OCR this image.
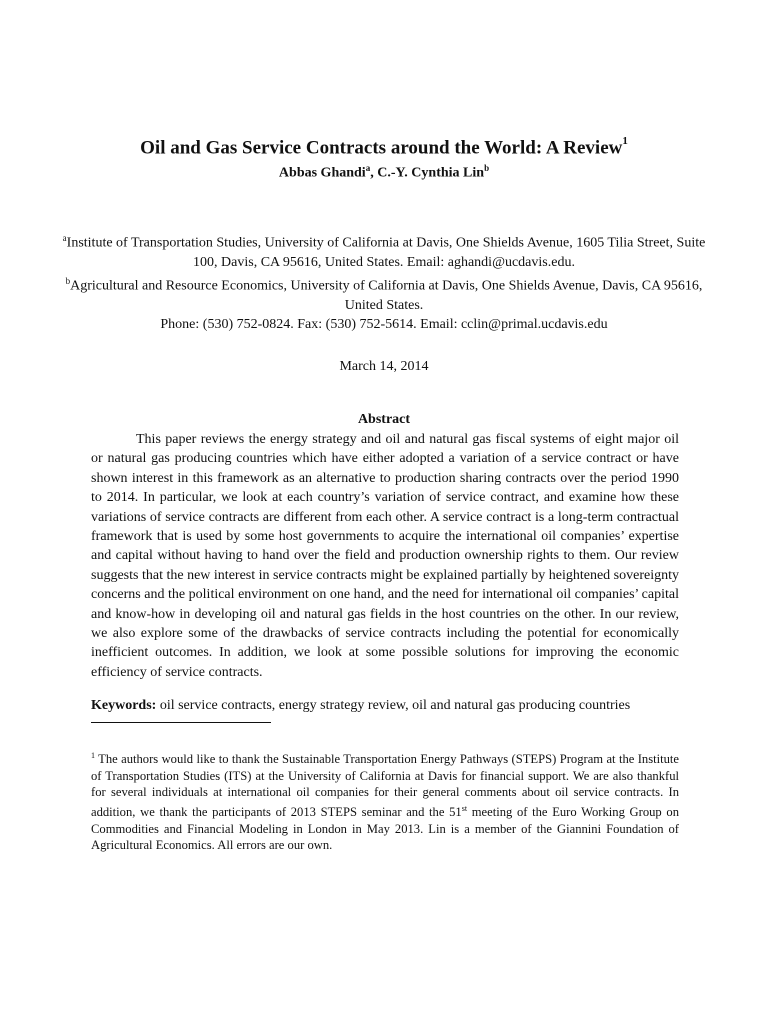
Oil and Gas Service Contracts around the World: A Review$^1$
Abbas Ghandi$^a$, C.-Y. Cynthia Lin$^b$

$^a$Institute of Transportation Studies, University of California at Davis, One Shields Avenue, 1605 Tilia Street, Suite 100, Davis, CA 95616, United States. Email: aghandi@ucdavis.edu.

$^b$Agricultural and Resource Economics, University of California at Davis, One Shields Avenue, Davis, CA 95616, United States.

Phone: (530) 752-0824. Fax: (530) 752-5614. Email: cclin@primal.ucdavis.edu

March 14, 2014
Abstract

This paper reviews the energy strategy and oil and natural gas fiscal systems of eight major oil or natural gas producing countries which have either adopted a variation of a service contract or have shown interest in this framework as an alternative to production sharing contracts over the period 1990 to 2014. In particular, we look at each country’s variation of service contract, and examine how these variations of service contracts are different from each other. A service contract is a long-term contractual framework that is used by some host governments to acquire the international oil companies’ expertise and capital without having to hand over the field and production ownership rights to them. Our review suggests that the new interest in service contracts might be explained partially by heightened sovereignty concerns and the political environment on one hand, and the need for international oil companies’ capital and know-how in developing oil and natural gas fields in the host countries on the other. In our review, we also explore some of the drawbacks of service contracts including the potential for economically inefficient outcomes. In addition, we look at some possible solutions for improving the economic efficiency of service contracts.

Keywords: oil service contracts, energy strategy review, oil and natural gas producing countries

$^1$ The authors would like to thank the Sustainable Transportation Energy Pathways (STEPS) Program at the Institute of Transportation Studies (ITS) at the University of California at Davis for financial support. We are also thankful for several individuals at international oil companies for their general comments about oil service contracts. In addition, we thank the participants of 2013 STEPS seminar and the 51st meeting of the Euro Working Group on Commodities and Financial Modeling in London in May 2013. Lin is a member of the Giannini Foundation of Agricultural Economics. All errors are our own.
